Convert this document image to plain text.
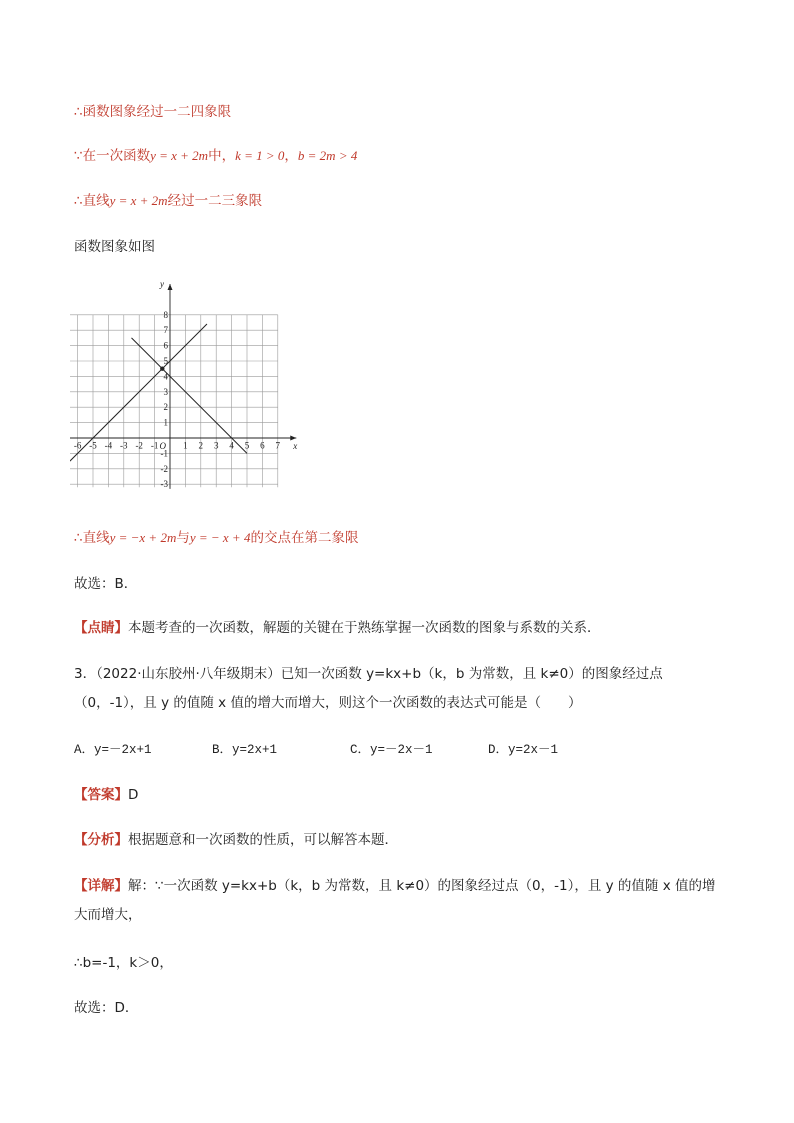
∴函数图象经过一二四象限
∵在一次函数y = x + 2m中，k = 1 > 0，b = 2m > 4
∴直线y = x + 2m经过一二三象限
函数图象如图
-6 -5 -4 -3 -2 -1	1 2 3 4 5 6 7
8
7
6
5
4
3
2
1
-1
-2
-3
x
y
O
∴直线y = −x + 2m与y = − x + 4的交点在第二象限
故选：B．
【点睛】本题考查的一次函数，解题的关键在于熟练掌握一次函数的图象与系数的关系．
3．（2022·山东胶州·八年级期末）已知一次函数 y=kx+b（k，b 为常数，且 k≠0）的图象经过点（0，-1），且 y 的值随 x 值的增大而增大，则这个一次函数的表达式可能是（　　）
A．y=－2x+1	B．y=2x+1	C．y=－2x－1	D．y=2x－1
【答案】D
【分析】根据题意和一次函数的性质，可以解答本题．
【详解】解：∵一次函数 y=kx+b（k，b 为常数，且 k≠0）的图象经过点（0，-1），且 y 的值随 x 值的增大而增大，
∴b=-1，k＞0，
故选：D．
